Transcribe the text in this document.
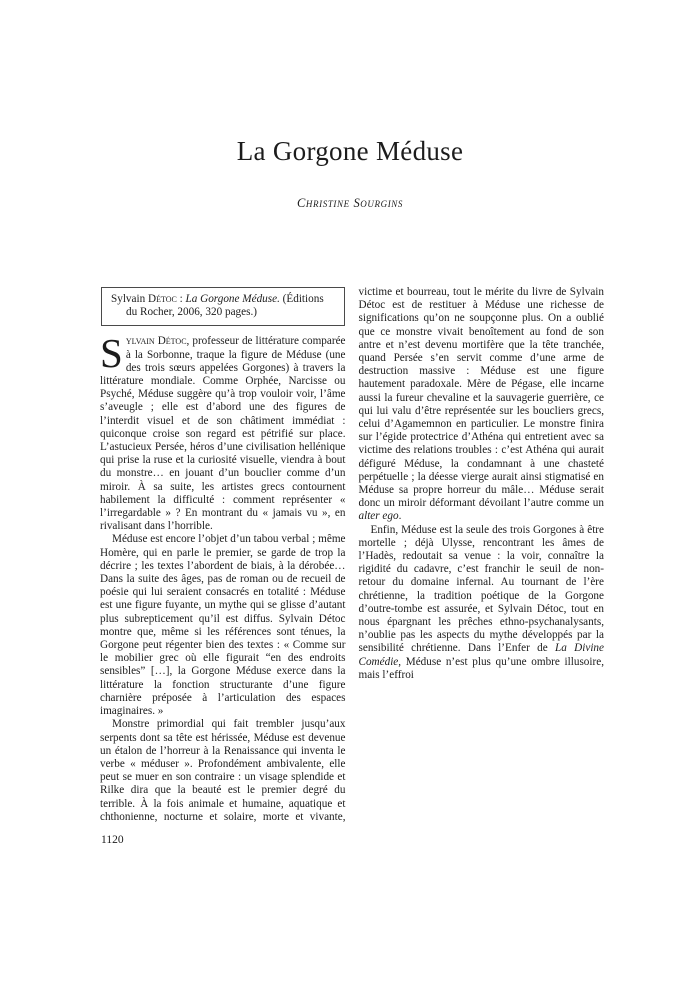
La Gorgone Méduse
Christine Sourgins

Sylvain Détoc : La Gorgone Méduse. (Éditions du Rocher, 2006, 320 pages.)

Sylvain Détoc, professeur de littérature comparée à la Sorbonne, traque la figure de Méduse (une des trois sœurs appelées Gorgones) à travers la littérature mondiale. Comme Orphée, Narcisse ou Psyché, Méduse suggère qu’à trop vouloir voir, l’âme s’aveugle ; elle est d’abord une des figures de l’interdit visuel et de son châtiment immédiat : quiconque croise son regard est pétrifié sur place. L’astucieux Persée, héros d’une civilisation hellénique qui prise la ruse et la curiosité visuelle, viendra à bout du monstre… en jouant d’un bouclier comme d’un miroir. À sa suite, les artistes grecs contournent habilement la difficulté : comment représenter « l’irregardable » ? En montrant du « jamais vu », en rivalisant dans l’horrible.

Méduse est encore l’objet d’un tabou verbal ; même Homère, qui en parle le premier, se garde de trop la décrire ; les textes l’abordent de biais, à la dérobée… Dans la suite des âges, pas de roman ou de recueil de poésie qui lui seraient consacrés en totalité : Méduse est une figure fuyante, un mythe qui se glisse d’autant plus subrepticement qu’il est diffus. Sylvain Détoc montre que, même si les références sont ténues, la Gorgone peut régenter bien des textes : « Comme sur le mobilier grec où elle figurait “en des endroits sensibles” […], la Gorgone Méduse exerce dans la littérature la fonction structurante d’une figure charnière préposée à l’articulation des espaces imaginaires. »

Monstre primordial qui fait trembler jusqu’aux serpents dont sa tête est hérissée, Méduse est devenue un étalon de l’horreur à la Renaissance qui inventa le verbe « méduser ». Profondément ambivalente, elle peut se muer en son contraire : un visage splendide et Rilke dira que la beauté est le premier degré du terrible. À la fois animale et humaine, aquatique et chthonienne, nocturne et solaire, morte et vivante, victime et bourreau, tout le mérite du livre de Sylvain Détoc est de restituer à Méduse une richesse de significations qu’on ne soupçonne plus. On a oublié que ce monstre vivait benoîtement au fond de son antre et n’est devenu mortifère que la tête tranchée, quand Persée s’en servit comme d’une arme de destruction massive : Méduse est une figure hautement paradoxale. Mère de Pégase, elle incarne aussi la fureur chevaline et la sauvagerie guerrière, ce qui lui valu d’être représentée sur les boucliers grecs, celui d’Agamemnon en particulier. Le monstre finira sur l’égide protectrice d’Athéna qui entretient avec sa victime des relations troubles : c’est Athéna qui aurait défiguré Méduse, la condamnant à une chasteté perpétuelle ; la déesse vierge aurait ainsi stigmatisé en Méduse sa propre horreur du mâle… Méduse serait donc un miroir déformant dévoilant l’autre comme un alter ego.

Enfin, Méduse est la seule des trois Gorgones à être mortelle ; déjà Ulysse, rencontrant les âmes de l’Hadès, redoutait sa venue : la voir, connaître la rigidité du cadavre, c’est franchir le seuil de non-retour du domaine infernal. Au tournant de l’ère chrétienne, la tradition poétique de la Gorgone d’outre-tombe est assurée, et Sylvain Détoc, tout en nous épargnant les prêches ethno-psychanalysants, n’oublie pas les aspects du mythe développés par la sensibilité chrétienne. Dans l’Enfer de La Divine Comédie, Méduse n’est plus qu’une ombre illusoire, mais l’effroi

1120
